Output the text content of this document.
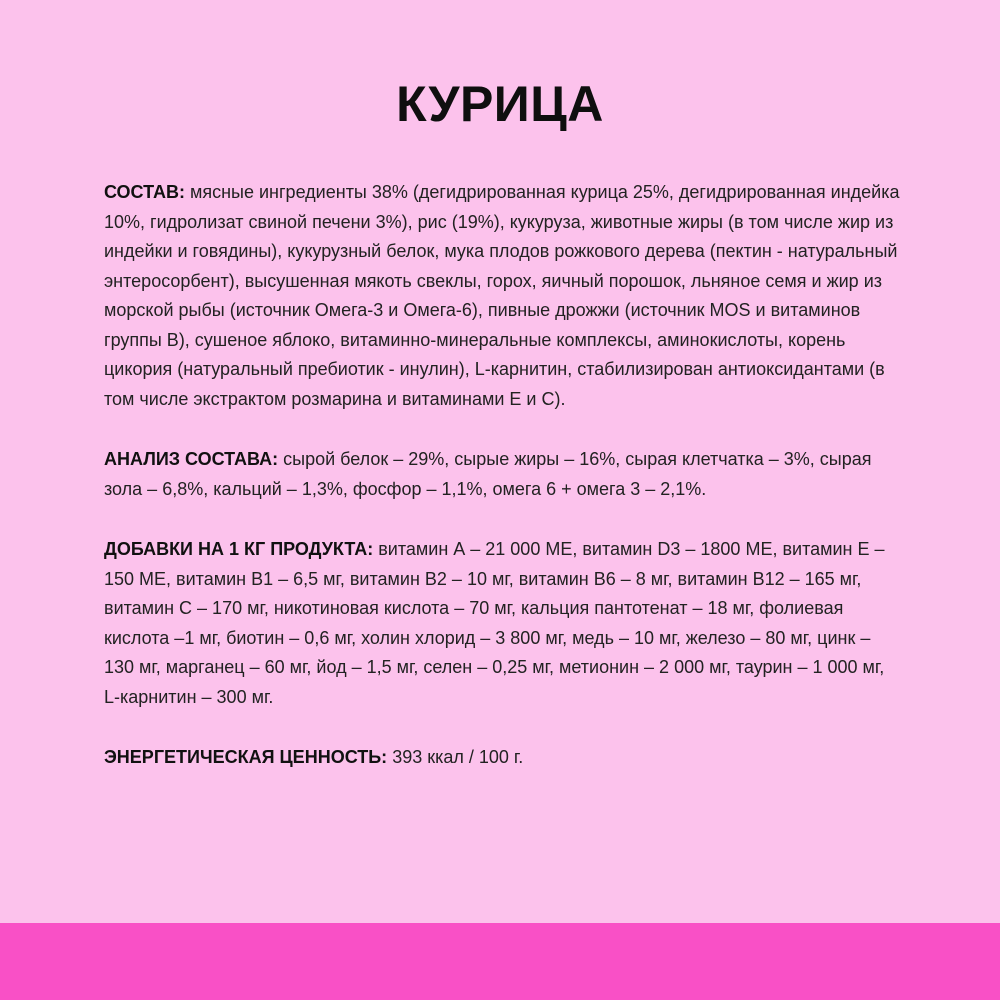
КУРИЦА

СОСТАВ: мясные ингредиенты 38% (дегидрированная курица 25%, дегидрированная индейка 10%, гидролизат свиной печени 3%), рис (19%), кукуруза, животные жиры (в том числе жир из индейки и говядины), кукурузный белок, мука плодов рожкового дерева (пектин - натуральный энтеросорбент), высушенная мякоть свеклы, горох, яичный порошок, льняное семя и жир из морской рыбы (источник Омега-3 и Омега-6), пивные дрожжи (источник MOS и витаминов группы В), сушеное яблоко, витаминно-минеральные комплексы, аминокислоты, корень цикория (натуральный пребиотик - инулин), L-карнитин, стабилизирован антиоксидантами (в том числе экстрактом розмарина и витаминами Е и С).

АНАЛИЗ СОСТАВА: сырой белок – 29%, сырые жиры – 16%, сырая клетчатка – 3%, сырая зола – 6,8%, кальций – 1,3%, фосфор – 1,1%, омега 6 + омега 3 – 2,1%.

ДОБАВКИ НА 1 КГ ПРОДУКТА: витамин А – 21 000 МЕ, витамин D3 – 1800 МЕ, витамин Е – 150 МЕ, витамин В1 – 6,5 мг, витамин В2 – 10 мг, витамин В6 – 8 мг, витамин В12 – 165 мг, витамин С – 170 мг, никотиновая кислота – 70 мг, кальция пантотенат – 18 мг, фолиевая кислота –1 мг, биотин – 0,6 мг, холин хлорид – 3 800 мг, медь – 10 мг, железо – 80 мг, цинк – 130 мг, марганец – 60 мг, йод – 1,5 мг, селен – 0,25 мг, метионин – 2 000 мг, таурин – 1 000 мг, L-карнитин – 300 мг.

ЭНЕРГЕТИЧЕСКАЯ ЦЕННОСТЬ: 393 ккал / 100 г.
